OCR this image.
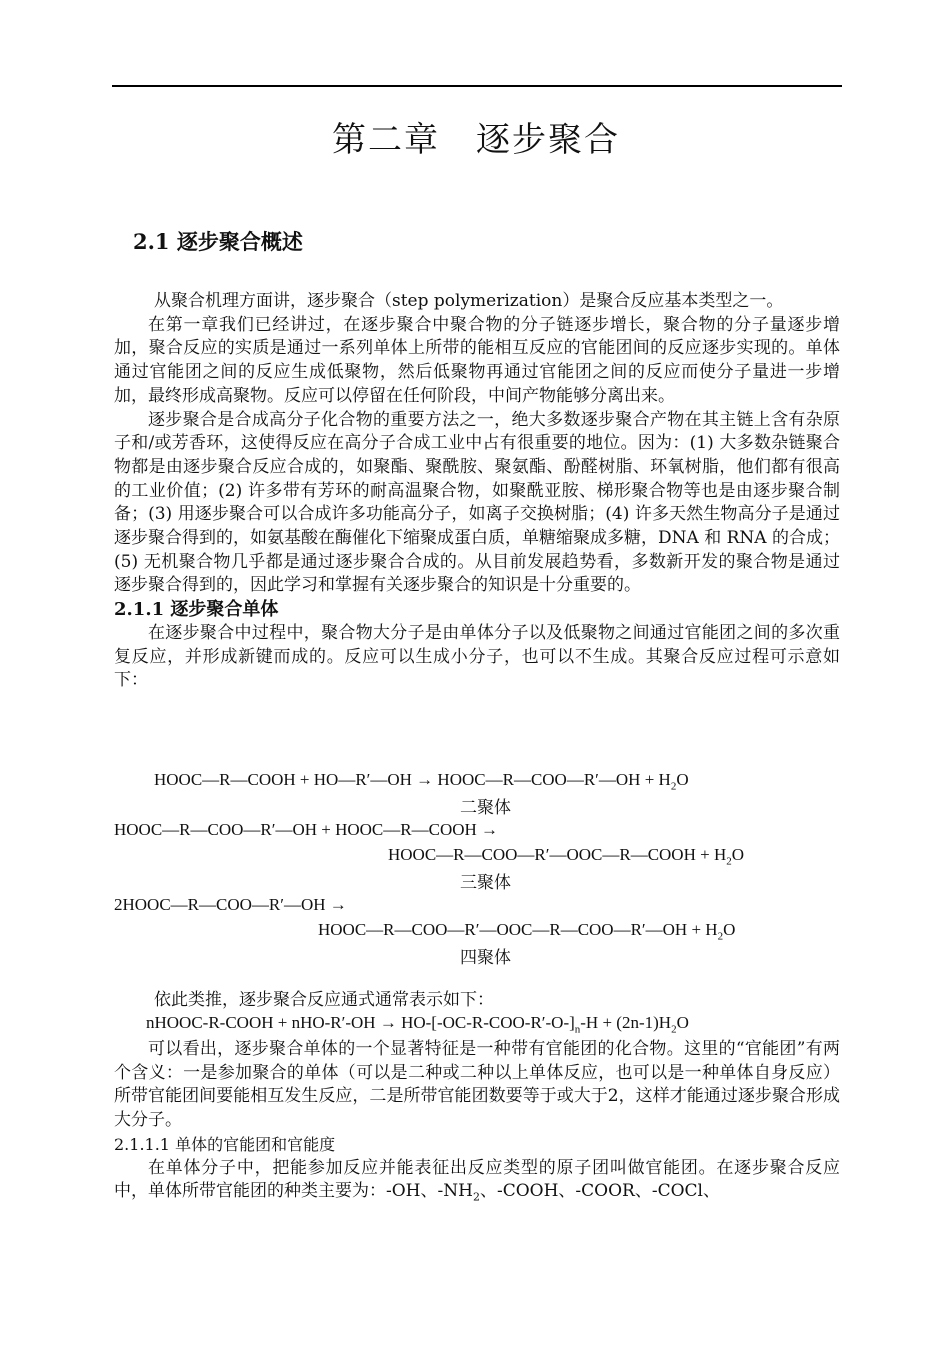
第二章　逐步聚合
2.1 逐步聚合概述

从聚合机理方面讲，逐步聚合（step polymerization）是聚合反应基本类型之一。

在第一章我们已经讲过，在逐步聚合中聚合物的分子链逐步增长，聚合物的分子量逐步增加，聚合反应的实质是通过一系列单体上所带的能相互反应的官能团间的反应逐步实现的。单体通过官能团之间的反应生成低聚物，然后低聚物再通过官能团之间的反应而使分子量进一步增加，最终形成高聚物。反应可以停留在任何阶段，中间产物能够分离出来。

逐步聚合是合成高分子化合物的重要方法之一，绝大多数逐步聚合产物在其主链上含有杂原子和/或芳香环，这使得反应在高分子合成工业中占有很重要的地位。因为：(1) 大多数杂链聚合物都是由逐步聚合反应合成的，如聚酯、聚酰胺、聚氨酯、酚醛树脂、环氧树脂，他们都有很高的工业价值；(2) 许多带有芳环的耐高温聚合物，如聚酰亚胺、梯形聚合物等也是由逐步聚合制备；(3) 用逐步聚合可以合成许多功能高分子，如离子交换树脂；(4) 许多天然生物高分子是通过逐步聚合得到的，如氨基酸在酶催化下缩聚成蛋白质，单糖缩聚成多糖，DNA 和 RNA 的合成；(5) 无机聚合物几乎都是通过逐步聚合合成的。从目前发展趋势看，多数新开发的聚合物是通过逐步聚合得到的，因此学习和掌握有关逐步聚合的知识是十分重要的。

2.1.1 逐步聚合单体

在逐步聚合中过程中，聚合物大分子是由单体分子以及低聚物之间通过官能团之间的多次重复反应，并形成新键而成的。反应可以生成小分子，也可以不生成。其聚合反应过程可示意如下：

HOOC—R—COOH + HO—R′—OH → HOOC—R—COO—R′—OH + $H_2O$
二聚体
HOOC—R—COO—R′—OH + HOOC—R—COOH →
HOOC—R—COO—R′—OOC—R—COOH + $H_2O$
三聚体
2HOOC—R—COO—R′—OH →
HOOC—R—COO—R′—OOC—R—COO—R′—OH + $H_2O$
四聚体
依此类推，逐步聚合反应通式通常表示如下：
nHOOC-R-COOH + $nHO-R'-OH \to HO-[-OC-R-COO-R'-O-]_n-H + (2n-1)H_2O$

可以看出，逐步聚合单体的一个显著特征是一种带有官能团的化合物。这里的“官能团”有两个含义：一是参加聚合的单体（可以是二种或二种以上单体反应，也可以是一种单体自身反应）所带官能团间要能相互发生反应，二是所带官能团数要等于或大于2，这样才能通过逐步聚合形成大分子。

2.1.1.1 单体的官能团和官能度

在单体分子中，把能参加反应并能表征出反应类型的原子团叫做官能团。在逐步聚合反应中，单体所带官能团的种类主要为：-OH、$-NH_2$、-COOH、-COOR、-COCl、
